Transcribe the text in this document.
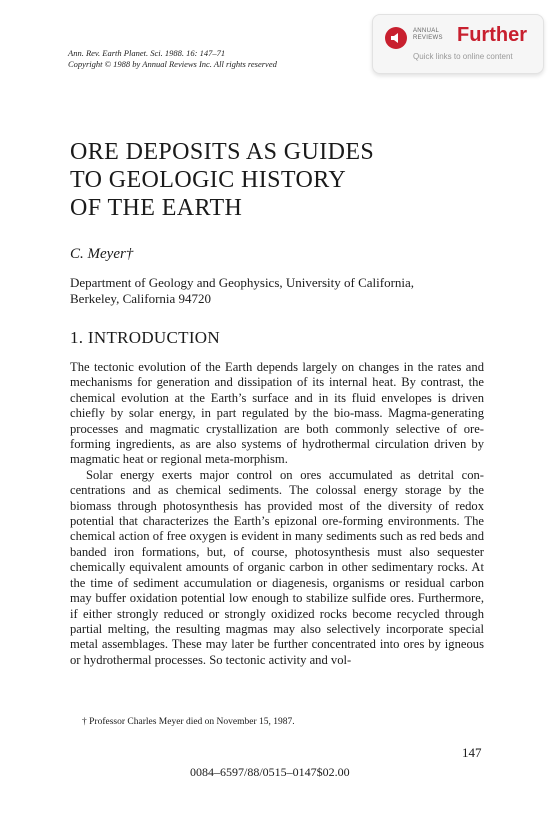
Ann. Rev. Earth Planet. Sci. 1988. 16: 147–71
Copyright © 1988 by Annual Reviews Inc. All rights reserved
ANNUAL
REVIEWS Further
Quick links to online content
ORE DEPOSITS AS GUIDES
TO GEOLOGIC HISTORY
OF THE EARTH
C. Meyer†
Department of Geology and Geophysics, University of California,
Berkeley, California 94720
1. INTRODUCTION

The tectonic evolution of the Earth depends largely on changes in the rates and mechanisms for generation and dissipation of its internal heat. By contrast, the chemical evolution at the Earth’s surface and in its fluid envelopes is driven chiefly by solar energy, in part regulated by the bio-mass. Magma-generating processes and magmatic crystallization are both commonly selective of ore-forming ingredients, as are also systems of hydrothermal circulation driven by magmatic heat or regional meta-morphism.

Solar energy exerts major control on ores accumulated as detrital con-centrations and as chemical sediments. The colossal energy storage by the biomass through photosynthesis has provided most of the diversity of redox potential that characterizes the Earth’s epizonal ore-forming environments. The chemical action of free oxygen is evident in many sediments such as red beds and banded iron formations, but, of course, photosynthesis must also sequester chemically equivalent amounts of organic carbon in other sedimentary rocks. At the time of sediment accumulation or diagenesis, organisms or residual carbon may buffer oxidation potential low enough to stabilize sulfide ores. Furthermore, if either strongly reduced or strongly oxidized rocks become recycled through partial melting, the resulting magmas may also selectively incorporate special metal assemblages. These may later be further concentrated into ores by igneous or hydrothermal processes. So tectonic activity and vol-

† Professor Charles Meyer died on November 15, 1987.
147
0084–6597/88/0515–0147$02.00
